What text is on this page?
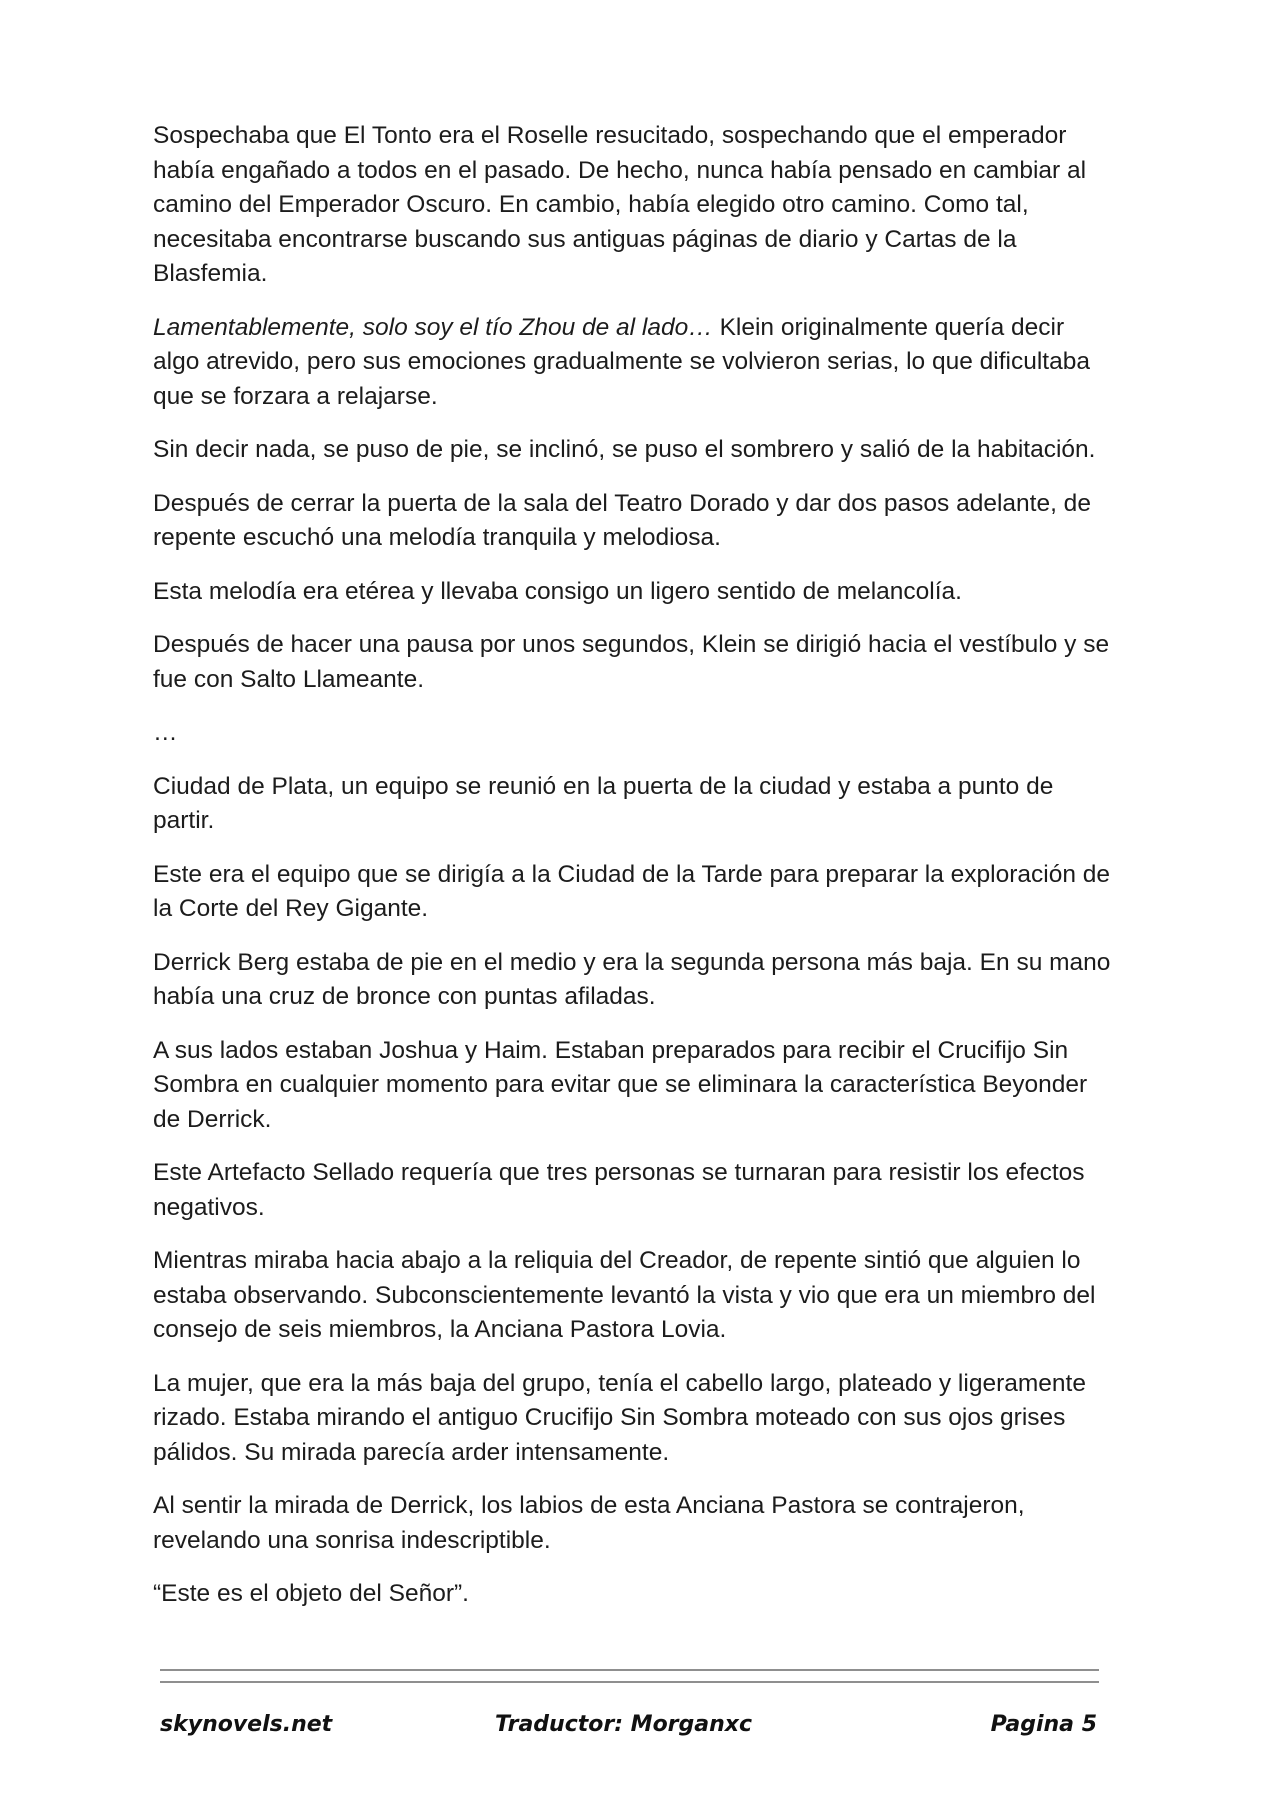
Sospechaba que El Tonto era el Roselle resucitado, sospechando que el emperador había engañado a todos en el pasado. De hecho, nunca había pensado en cambiar al camino del Emperador Oscuro. En cambio, había elegido otro camino. Como tal, necesitaba encontrarse buscando sus antiguas páginas de diario y Cartas de la Blasfemia.

Lamentablemente, solo soy el tío Zhou de al lado… Klein originalmente quería decir algo atrevido, pero sus emociones gradualmente se volvieron serias, lo que dificultaba que se forzara a relajarse.

Sin decir nada, se puso de pie, se inclinó, se puso el sombrero y salió de la habitación.

Después de cerrar la puerta de la sala del Teatro Dorado y dar dos pasos adelante, de repente escuchó una melodía tranquila y melodiosa.

Esta melodía era etérea y llevaba consigo un ligero sentido de melancolía.

Después de hacer una pausa por unos segundos, Klein se dirigió hacia el vestíbulo y se fue con Salto Llameante.

…

Ciudad de Plata, un equipo se reunió en la puerta de la ciudad y estaba a punto de partir.

Este era el equipo que se dirigía a la Ciudad de la Tarde para preparar la exploración de la Corte del Rey Gigante.

Derrick Berg estaba de pie en el medio y era la segunda persona más baja. En su mano había una cruz de bronce con puntas afiladas.

A sus lados estaban Joshua y Haim. Estaban preparados para recibir el Crucifijo Sin Sombra en cualquier momento para evitar que se eliminara la característica Beyonder de Derrick.

Este Artefacto Sellado requería que tres personas se turnaran para resistir los efectos negativos.

Mientras miraba hacia abajo a la reliquia del Creador, de repente sintió que alguien lo estaba observando. Subconscientemente levantó la vista y vio que era un miembro del consejo de seis miembros, la Anciana Pastora Lovia.

La mujer, que era la más baja del grupo, tenía el cabello largo, plateado y ligeramente rizado. Estaba mirando el antiguo Crucifijo Sin Sombra moteado con sus ojos grises pálidos. Su mirada parecía arder intensamente.

Al sentir la mirada de Derrick, los labios de esta Anciana Pastora se contrajeron, revelando una sonrisa indescriptible.

“Este es el objeto del Señor”.

skynovels.net	Traductor: Morganxc	Pagina 5
